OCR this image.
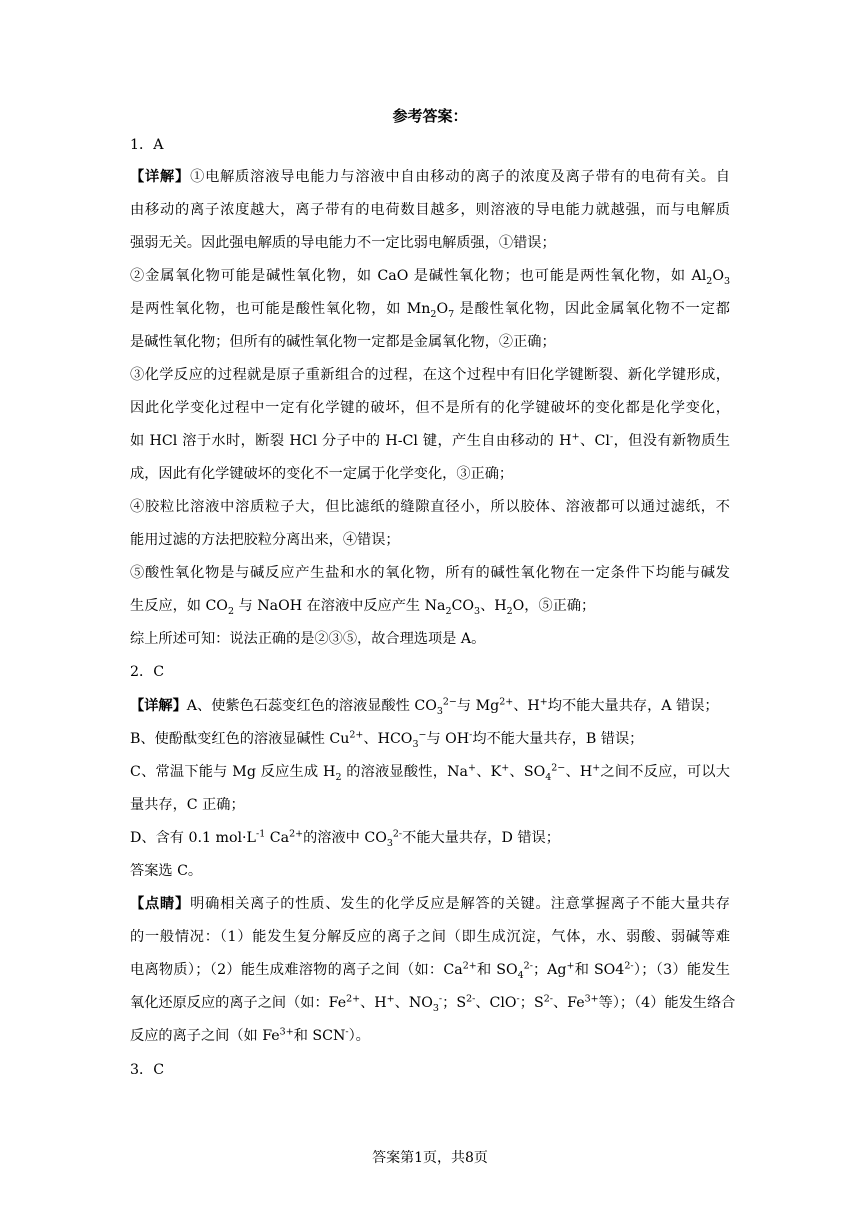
参考答案：
1．A
【详解】①电解质溶液导电能力与溶液中自由移动的离子的浓度及离子带有的电荷有关。自
由移动的离子浓度越大，离子带有的电荷数目越多，则溶液的导电能力就越强，而与电解质
强弱无关。因此强电解质的导电能力不一定比弱电解质强，①错误；
②金属氧化物可能是碱性氧化物，如 CaO 是碱性氧化物；也可能是两性氧化物，如 $Al_2O_3$
是两性氧化物，也可能是酸性氧化物，如 $Mn_2O_7$ 是酸性氧化物，因此金属氧化物不一定都
是碱性氧化物；但所有的碱性氧化物一定都是金属氧化物，②正确；
③化学反应的过程就是原子重新组合的过程，在这个过程中有旧化学键断裂、新化学键形成，
因此化学变化过程中一定有化学键的破坏，但不是所有的化学键破坏的变化都是化学变化，
如 HCl 溶于水时，断裂 HCl 分子中的 H-Cl 键，产生自由移动的 H+、Cl-，但没有新物质生
成，因此有化学键破坏的变化不一定属于化学变化，③正确；
④胶粒比溶液中溶质粒子大，但比滤纸的缝隙直径小，所以胶体、溶液都可以通过滤纸，不
能用过滤的方法把胶粒分离出来，④错误；
⑤酸性氧化物是与碱反应产生盐和水的氧化物，所有的碱性氧化物在一定条件下均能与碱发
生反应，如 $CO_2$ 与 NaOH 在溶液中反应产生 $Na_2CO_3$、$H_2O$，⑤正确；
综上所述可知：说法正确的是②③⑤，故合理选项是 A。
2．C
【详解】A、使紫色石蕊变红色的溶液显酸性 $CO_3^{2-}$与 $Mg^{2+}$、H+均不能大量共存，A 错误；
B、使酚酞变红色的溶液显碱性 $Cu^{2+}$、$HCO_3^-$与 OH-均不能大量共存，B 错误；
C、常温下能与 Mg 反应生成 $H_2$ 的溶液显酸性，Na+、K+、$SO_4^{2-}$、H+之间不反应，可以大
量共存，C 正确；
D、含有 0.1 $mol\cdot L^{-1}$ $Ca^{2+}$的溶液中 $CO_3^{2-}$不能大量共存，D 错误；
答案选 C。
【点睛】明确相关离子的性质、发生的化学反应是解答的关键。注意掌握离子不能大量共存
的一般情况：（1）能发生复分解反应的离子之间（即生成沉淀，气体，水、弱酸、弱碱等难
电离物质）；（2）能生成难溶物的离子之间（如：$Ca^{2+}$和 $SO_4^{2-}$；Ag+和 $SO4^{2-}$）；（3）能发生
氧化还原反应的离子之间（如：$Fe^{2+}$、H+、$NO_3^-$；$S^{2-}$、ClO-；$S^{2-}$、$Fe^{3+}$等）；（4）能发生络合
反应的离子之间（如 $Fe^{3+}$和 SCN-）。
3．C
答案第1页，共8页
